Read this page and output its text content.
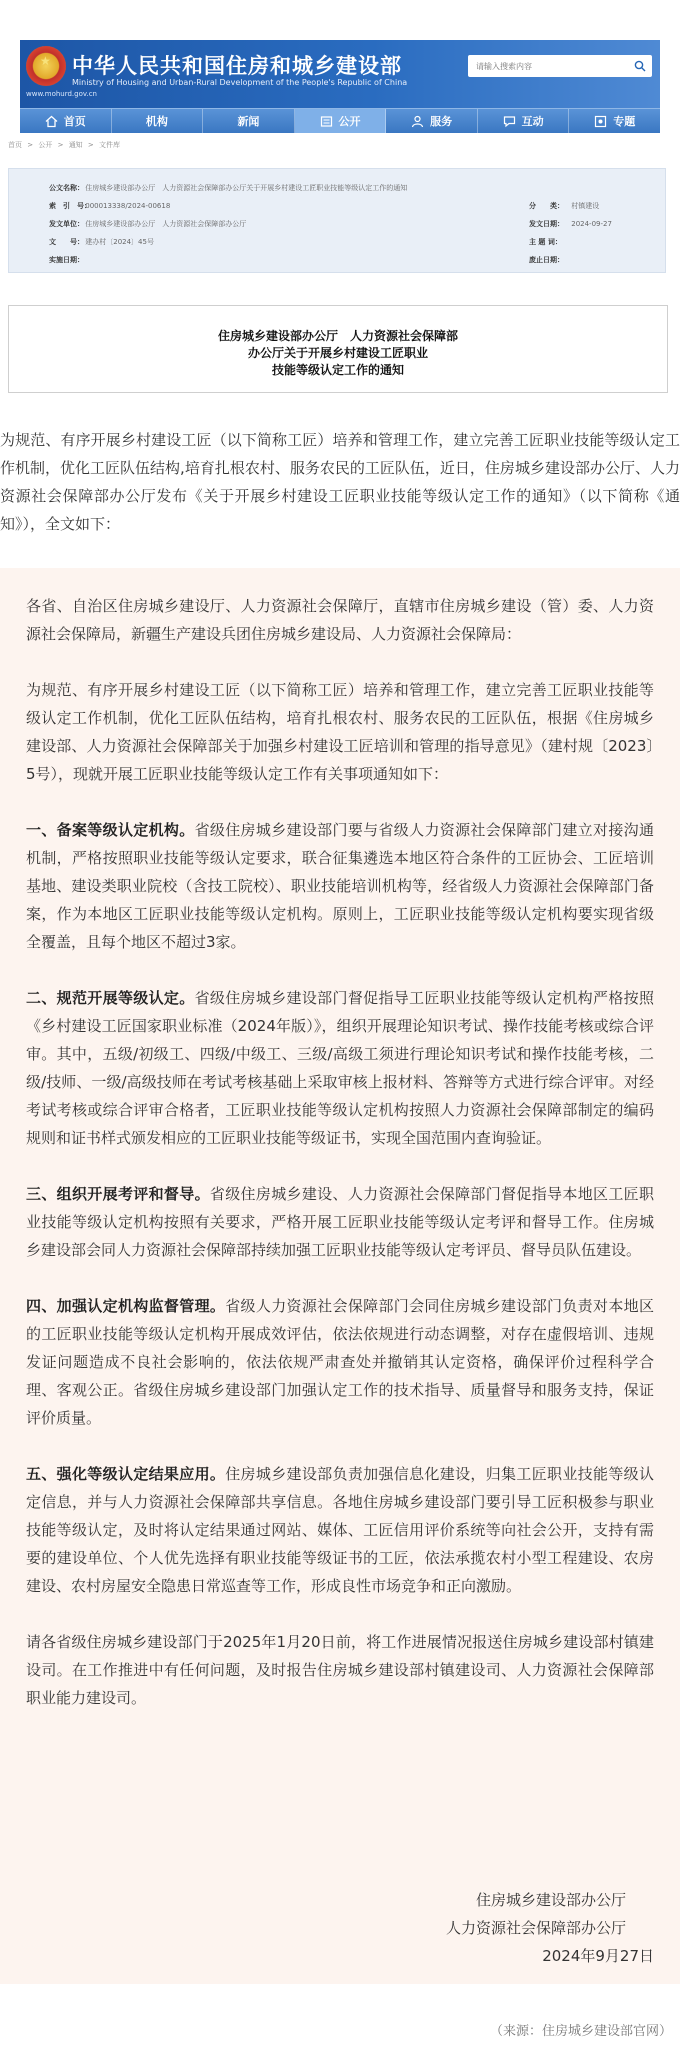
★
www.mohurd.gov.cn
中华人民共和国住房和城乡建设部
Ministry of Housing and Urban-Rural Development of the People's Republic of China
请输入搜索内容
首页	机构	新闻	公开	服务	互动	专题
首页 > 公开 > 通知 > 文件库
公文名称： 住房城乡建设部办公厅　人力资源社会保障部办公厅关于开展乡村建设工匠职业技能等级认定工作的通知
索　引　号： 000013338/2024-00618
发文单位： 住房城乡建设部办公厅　人力资源社会保障部办公厅
文　　号： 建办村〔2024〕45号
实施日期：
分　　类： 村镇建设
发文日期： 2024-09-27
主 题 词：
废止日期：
住房城乡建设部办公厅　人力资源社会保障部
办公厅关于开展乡村建设工匠职业
技能等级认定工作的通知

为规范、有序开展乡村建设工匠（以下简称工匠）培养和管理工作，建立完善工匠职业技能等级认定工作机制，优化工匠队伍结构,培育扎根农村、服务农民的工匠队伍，近日，住房城乡建设部办公厅、人力资源社会保障部办公厅发布《关于开展乡村建设工匠职业技能等级认定工作的通知》（以下简称《通知》），全文如下：

各省、自治区住房城乡建设厅、人力资源社会保障厅，直辖市住房城乡建设（管）委、人力资源社会保障局，新疆生产建设兵团住房城乡建设局、人力资源社会保障局：

为规范、有序开展乡村建设工匠（以下简称工匠）培养和管理工作，建立完善工匠职业技能等级认定工作机制，优化工匠队伍结构，培育扎根农村、服务农民的工匠队伍，根据《住房城乡建设部、人力资源社会保障部关于加强乡村建设工匠培训和管理的指导意见》（建村规〔2023〕5号），现就开展工匠职业技能等级认定工作有关事项通知如下：

一、备案等级认定机构。省级住房城乡建设部门要与省级人力资源社会保障部门建立对接沟通机制，严格按照职业技能等级认定要求，联合征集遴选本地区符合条件的工匠协会、工匠培训基地、建设类职业院校（含技工院校）、职业技能培训机构等，经省级人力资源社会保障部门备案，作为本地区工匠职业技能等级认定机构。原则上，工匠职业技能等级认定机构要实现省级全覆盖，且每个地区不超过3家。

二、规范开展等级认定。省级住房城乡建设部门督促指导工匠职业技能等级认定机构严格按照《乡村建设工匠国家职业标准（2024年版）》，组织开展理论知识考试、操作技能考核或综合评审。其中，五级/初级工、四级/中级工、三级/高级工须进行理论知识考试和操作技能考核，二级/技师、一级/高级技师在考试考核基础上采取审核上报材料、答辩等方式进行综合评审。对经考试考核或综合评审合格者，工匠职业技能等级认定机构按照人力资源社会保障部制定的编码规则和证书样式颁发相应的工匠职业技能等级证书，实现全国范围内查询验证。

三、组织开展考评和督导。省级住房城乡建设、人力资源社会保障部门督促指导本地区工匠职业技能等级认定机构按照有关要求，严格开展工匠职业技能等级认定考评和督导工作。住房城乡建设部会同人力资源社会保障部持续加强工匠职业技能等级认定考评员、督导员队伍建设。

四、加强认定机构监督管理。省级人力资源社会保障部门会同住房城乡建设部门负责对本地区的工匠职业技能等级认定机构开展成效评估，依法依规进行动态调整，对存在虚假培训、违规发证问题造成不良社会影响的，依法依规严肃查处并撤销其认定资格，确保评价过程科学合理、客观公正。省级住房城乡建设部门加强认定工作的技术指导、质量督导和服务支持，保证评价质量。

五、强化等级认定结果应用。住房城乡建设部负责加强信息化建设，归集工匠职业技能等级认定信息，并与人力资源社会保障部共享信息。各地住房城乡建设部门要引导工匠积极参与职业技能等级认定，及时将认定结果通过网站、媒体、工匠信用评价系统等向社会公开，支持有需要的建设单位、个人优先选择有职业技能等级证书的工匠，依法承揽农村小型工程建设、农房建设、农村房屋安全隐患日常巡查等工作，形成良性市场竞争和正向激励。

请各省级住房城乡建设部门于2025年1月20日前，将工作进展情况报送住房城乡建设部村镇建设司。在工作推进中有任何问题，及时报告住房城乡建设部村镇建设司、人力资源社会保障部职业能力建设司。

住房城乡建设部办公厅
人力资源社会保障部办公厅
2024年9月27日
（来源：住房城乡建设部官网）
